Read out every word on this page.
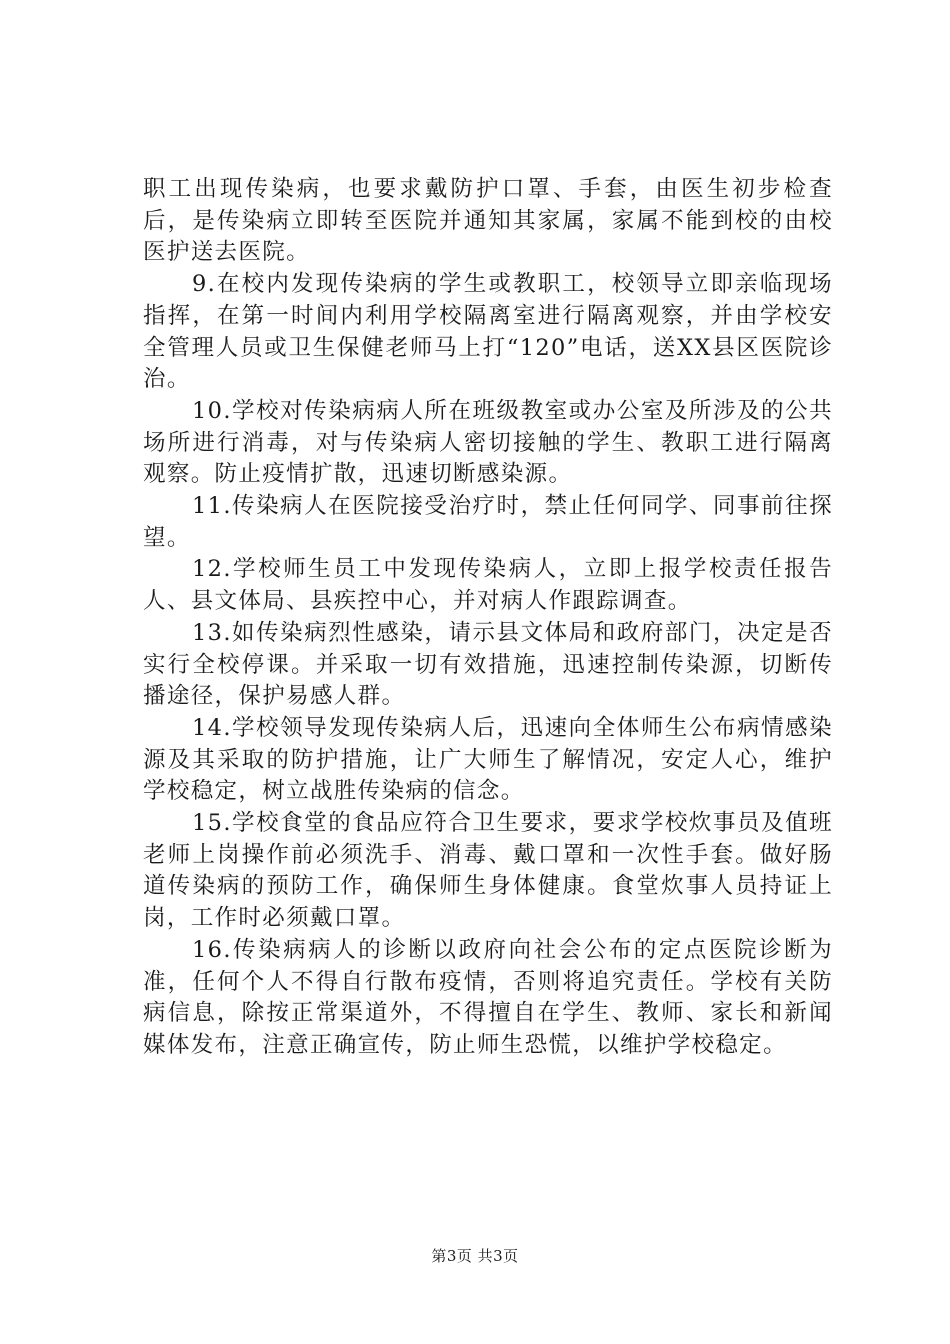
职工出现传染病，也要求戴防护口罩、手套，由医生初步检查后，是传染病立即转至医院并通知其家属，家属不能到校的由校医护送去医院。

9.在校内发现传染病的学生或教职工，校领导立即亲临现场指挥，在第一时间内利用学校隔离室进行隔离观察，并由学校安全管理人员或卫生保健老师马上打“120”电话，送XX县区医院诊治。

10.学校对传染病病人所在班级教室或办公室及所涉及的公共场所进行消毒，对与传染病人密切接触的学生、教职工进行隔离观察。防止疫情扩散，迅速切断感染源。

11.传染病人在医院接受治疗时，禁止任何同学、同事前往探望。

12.学校师生员工中发现传染病人，立即上报学校责任报告人、县文体局、县疾控中心，并对病人作跟踪调查。

13.如传染病烈性感染，请示县文体局和政府部门，决定是否实行全校停课。并采取一切有效措施，迅速控制传染源，切断传播途径，保护易感人群。

14.学校领导发现传染病人后，迅速向全体师生公布病情感染源及其采取的防护措施，让广大师生了解情况，安定人心，维护学校稳定，树立战胜传染病的信念。

15.学校食堂的食品应符合卫生要求，要求学校炊事员及值班老师上岗操作前必须洗手、消毒、戴口罩和一次性手套。做好肠道传染病的预防工作，确保师生身体健康。食堂炊事人员持证上岗，工作时必须戴口罩。

16.传染病病人的诊断以政府向社会公布的定点医院诊断为准，任何个人不得自行散布疫情，否则将追究责任。学校有关防病信息，除按正常渠道外，不得擅自在学生、教师、家长和新闻媒体发布，注意正确宣传，防止师生恐慌，以维护学校稳定。

第3页 共3页
